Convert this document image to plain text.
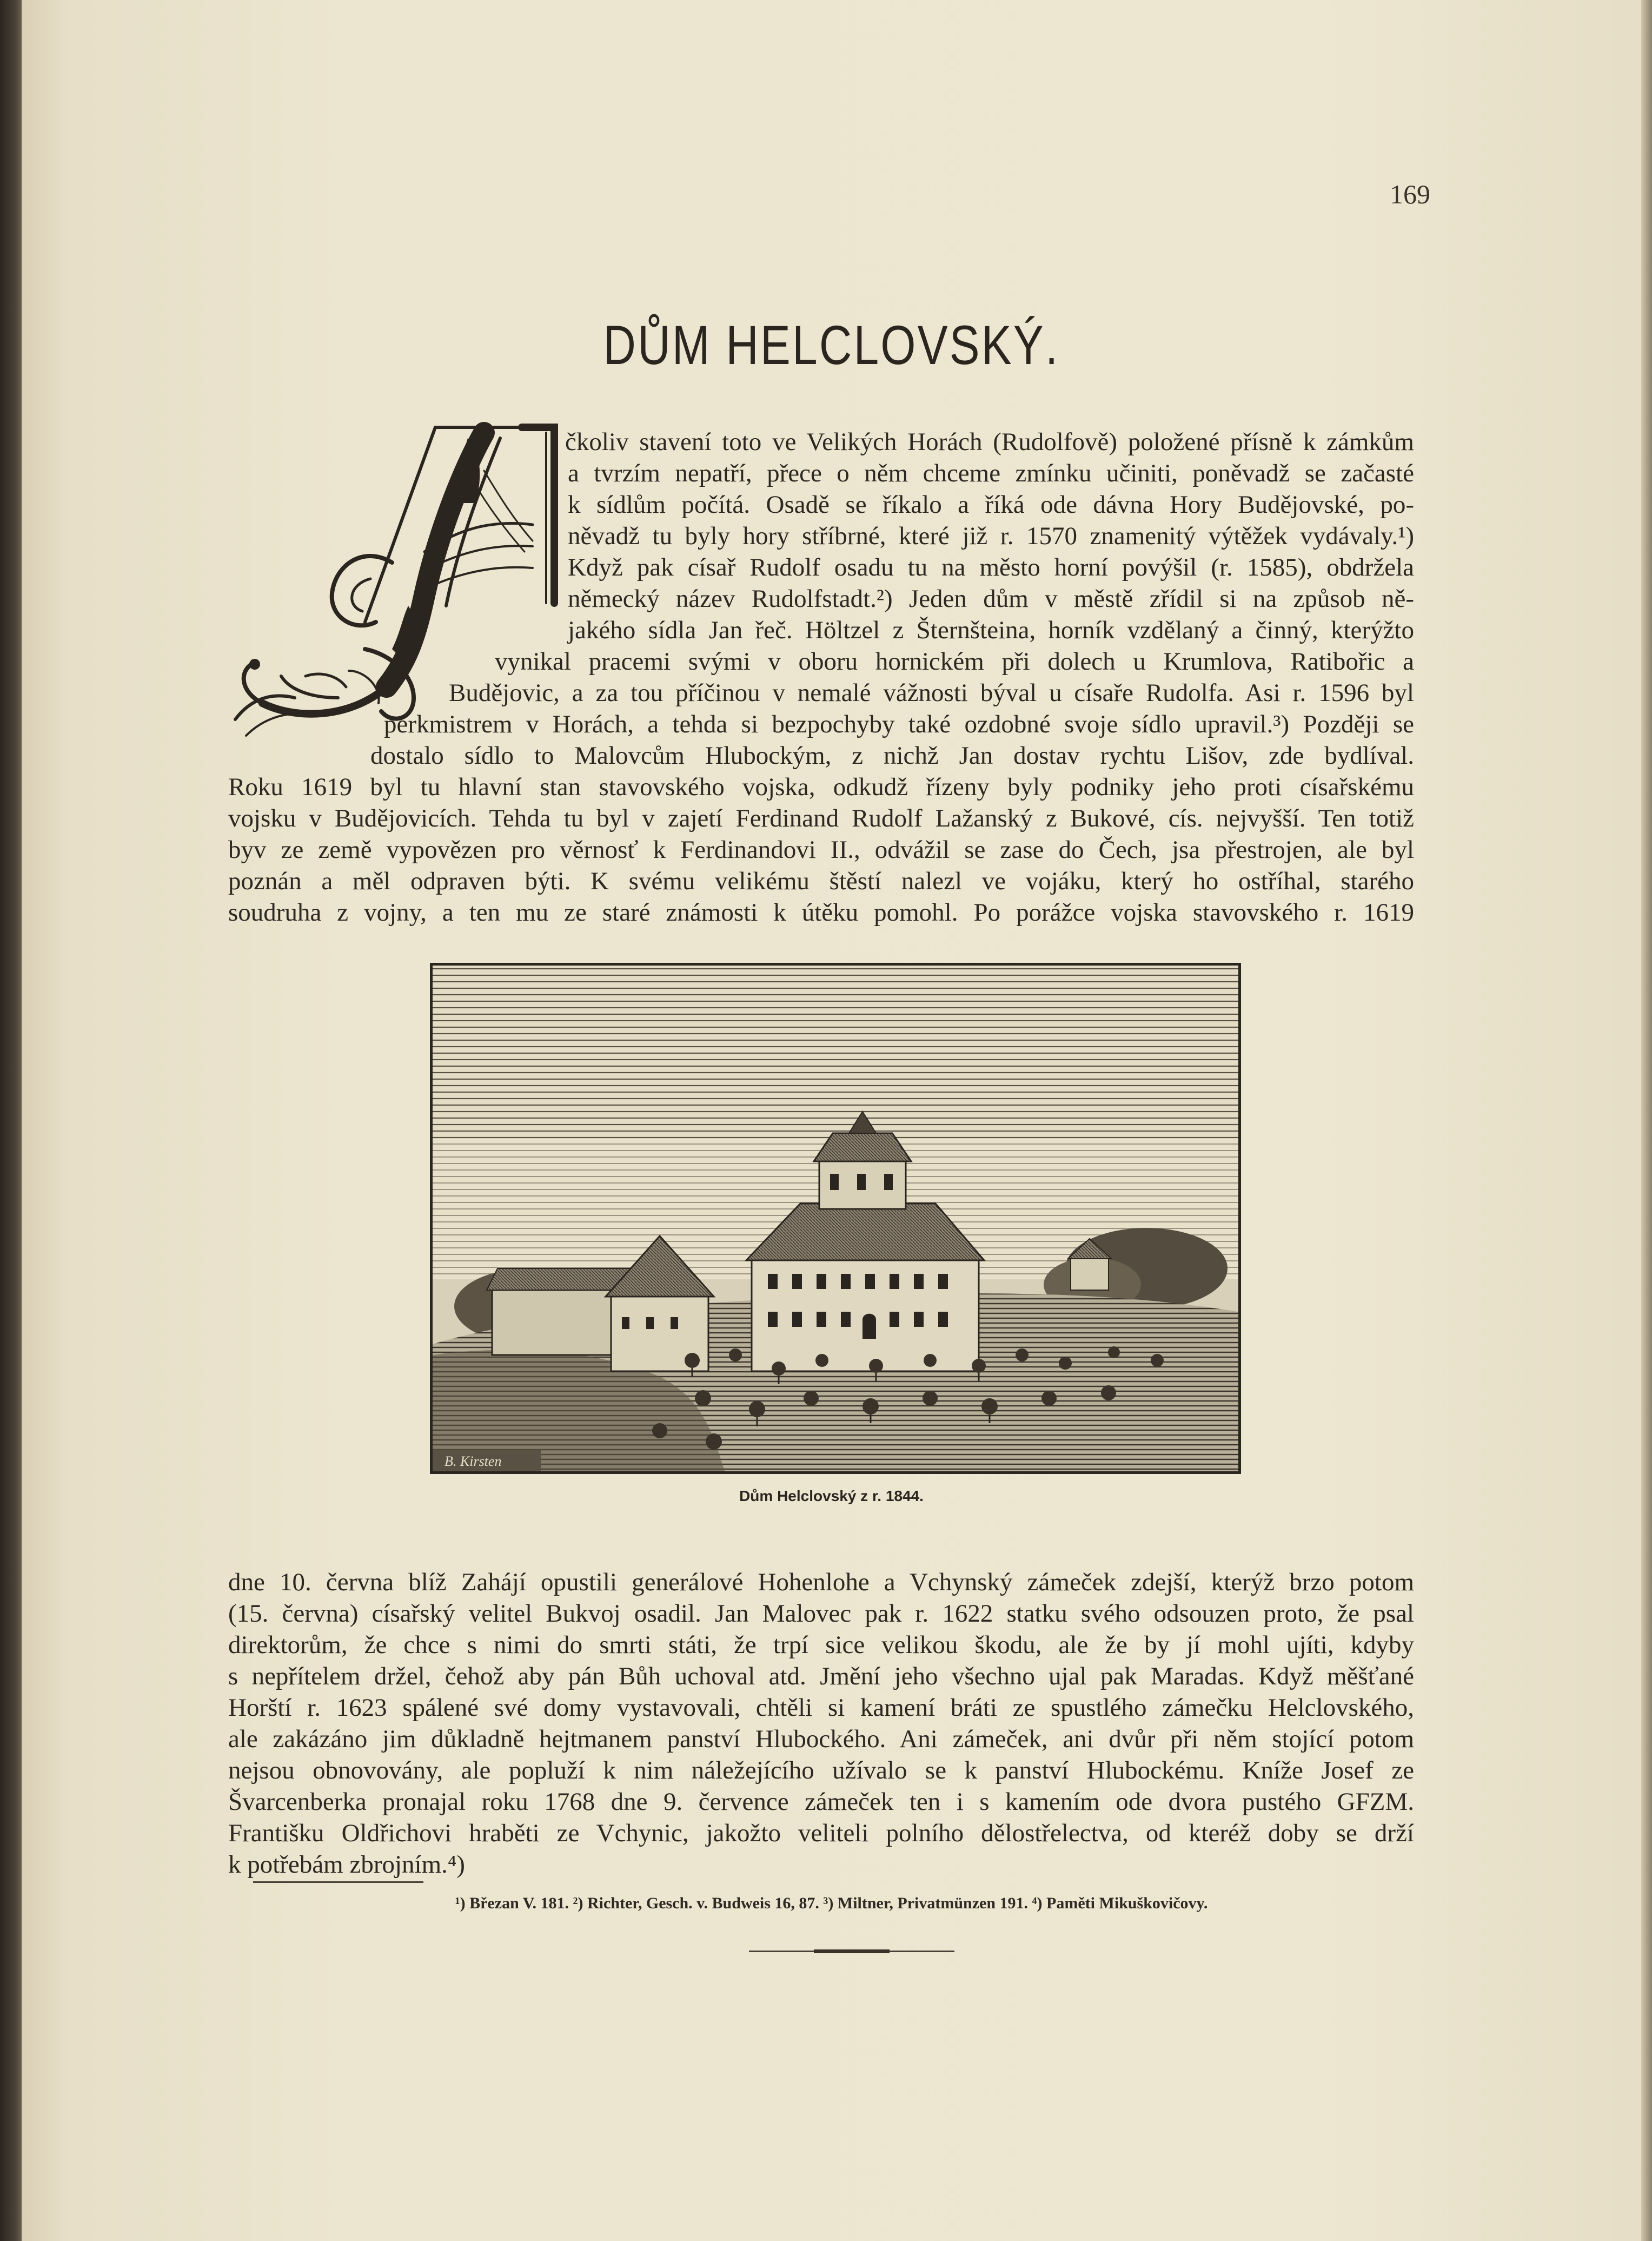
169
DŮM HELCLOVSKÝ.
čkoliv stavení toto ve Velikých Horách (Rudolfově) položené přísně k zámkům
a tvrzím nepatří, přece o něm chceme zmínku učiniti, poněvadž se začasté
k sídlům počítá. Osadě se říkalo a říká ode dávna Hory Budějovské, po-
něvadž tu byly hory stříbrné, které již r. 1570 znamenitý výtěžek vydávaly.¹)
Když pak císař Rudolf osadu tu na město horní povýšil (r. 1585), obdržela
německý název Rudolfstadt.²) Jeden dům v městě zřídil si na způsob ně-
jakého sídla Jan řeč. Höltzel z Šternšteina, horník vzdělaný a činný, kterýžto
vynikal pracemi svými v oboru hornickém při dolech u Krumlova, Ratibořic a
Budějovic, a za tou příčinou v nemalé vážnosti býval u císaře Rudolfa. Asi r. 1596 byl
perkmistrem v Horách, a tehda si bezpochyby také ozdobné svoje sídlo upravil.³) Později se
dostalo sídlo to Malovcům Hlubockým, z nichž Jan dostav rychtu Lišov, zde bydlíval.
Roku 1619 byl tu hlavní stan stavovského vojska, odkudž řízeny byly podniky jeho proti císařskému
vojsku v Budějovicích. Tehda tu byl v zajetí Ferdinand Rudolf Lažanský z Bukové, cís. nejvyšší. Ten totiž
byv ze země vypovězen pro věrnosť k Ferdinandovi II., odvážil se zase do Čech, jsa přestrojen, ale byl
poznán a měl odpraven býti. K svému velikému štěstí nalezl ve vojáku, který ho ostříhal, starého
soudruha z vojny, a ten mu ze staré známosti k útěku pomohl. Po porážce vojska stavovského r. 1619
B. Kirsten
Dům Helclovský z r. 1844.
dne 10. června blíž Zahájí opustili generálové Hohenlohe a Vchynský zámeček zdejší, kterýž brzo potom
(15. června) císařský velitel Bukvoj osadil. Jan Malovec pak r. 1622 statku svého odsouzen proto, že psal
direktorům, že chce s nimi do smrti státi, že trpí sice velikou škodu, ale že by jí mohl ujíti, kdyby
s nepřítelem držel, čehož aby pán Bůh uchoval atd. Jmění jeho všechno ujal pak Maradas. Když měšťané
Horští r. 1623 spálené své domy vystavovali, chtěli si kamení bráti ze spustlého zámečku Helclovského,
ale zakázáno jim důkladně hejtmanem panství Hlubockého. Ani zámeček, ani dvůr při něm stojící potom
nejsou obnovovány, ale popluží k nim náležejícího užívalo se k panství Hlubockému. Kníže Josef ze
Švarcenberka pronajal roku 1768 dne 9. července zámeček ten i s kamením ode dvora pustého GFZM.
Františku Oldřichovi hraběti ze Vchynic, jakožto veliteli polního dělostřelectva, od kteréž doby se drží
k potřebám zbrojním.⁴)
¹) Březan V. 181. ²) Richter, Gesch. v. Budweis 16, 87. ³) Miltner, Privatmünzen 191. ⁴) Paměti Mikuškovičovy.
